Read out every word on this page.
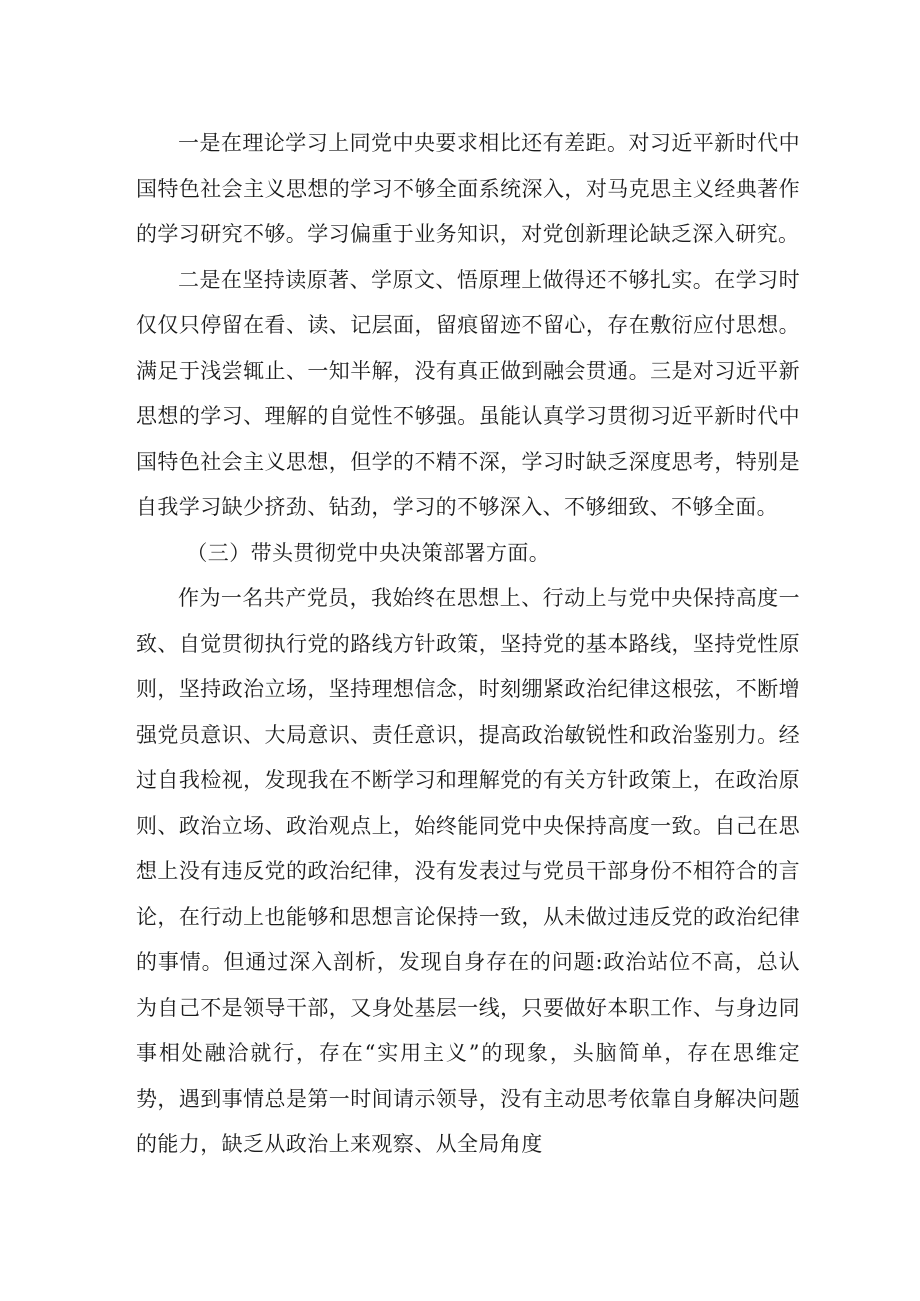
一是在理论学习上同党中央要求相比还有差距。对习近平新时代中国特色社会主义思想的学习不够全面系统深入，对马克思主义经典著作的学习研究不够。学习偏重于业务知识，对党创新理论缺乏深入研究。

二是在坚持读原著、学原文、悟原理上做得还不够扎实。在学习时仅仅只停留在看、读、记层面，留痕留迹不留心，存在敷衍应付思想。满足于浅尝辄止、一知半解，没有真正做到融会贯通。三是对习近平新思想的学习、理解的自觉性不够强。虽能认真学习贯彻习近平新时代中国特色社会主义思想，但学的不精不深，学习时缺乏深度思考，特别是自我学习缺少挤劲、钻劲，学习的不够深入、不够细致、不够全面。

（三）带头贯彻党中央决策部署方面。

作为一名共产党员，我始终在思想上、行动上与党中央保持高度一致、自觉贯彻执行党的路线方针政策，坚持党的基本路线，坚持党性原则，坚持政治立场，坚持理想信念，时刻绷紧政治纪律这根弦，不断增强党员意识、大局意识、责任意识，提高政治敏锐性和政治鉴别力。经过自我检视，发现我在不断学习和理解党的有关方针政策上，在政治原则、政治立场、政治观点上，始终能同党中央保持高度一致。自己在思想上没有违反党的政治纪律，没有发表过与党员干部身份不相符合的言论，在行动上也能够和思想言论保持一致，从未做过违反党的政治纪律的事情。但通过深入剖析，发现自身存在的问题:政治站位不高，总认为自己不是领导干部，又身处基层一线，只要做好本职工作、与身边同事相处融洽就行，存在“实用主义”的现象，头脑简单，存在思维定势，遇到事情总是第一时间请示领导，没有主动思考依靠自身解决问题的能力，缺乏从政治上来观察、从全局角度
